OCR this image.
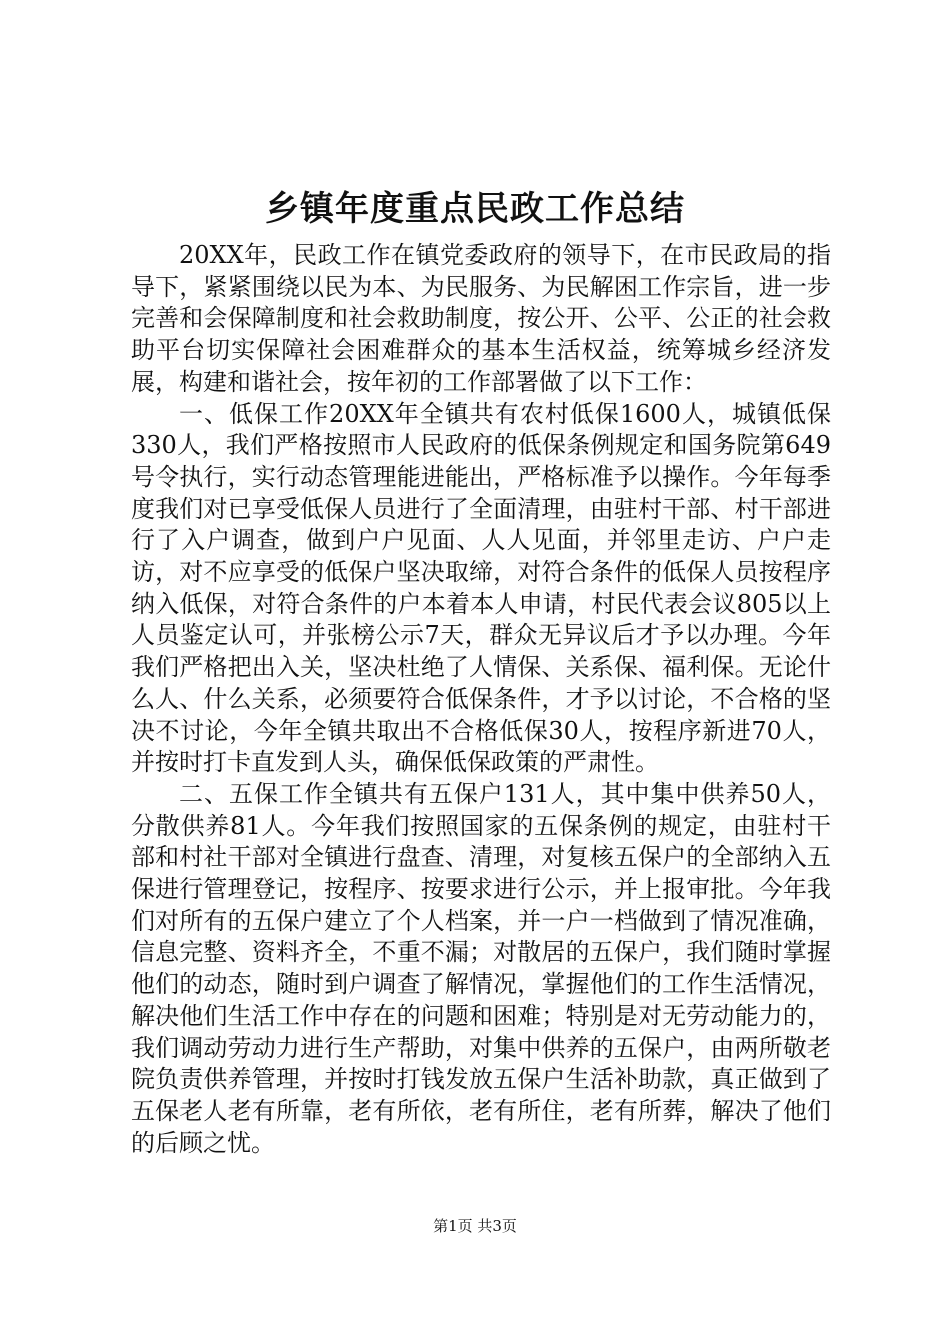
乡镇年度重点民政工作总结

20XX年，民政工作在镇党委政府的领导下，在市民政局的指导下，紧紧围绕以民为本、为民服务、为民解困工作宗旨，进一步完善和会保障制度和社会救助制度，按公开、公平、公正的社会救助平台切实保障社会困难群众的基本生活权益，统筹城乡经济发展，构建和谐社会，按年初的工作部署做了以下工作：

一、低保工作20XX年全镇共有农村低保1600人，城镇低保330人，我们严格按照市人民政府的低保条例规定和国务院第649号令执行，实行动态管理能进能出，严格标准予以操作。今年每季度我们对已享受低保人员进行了全面清理，由驻村干部、村干部进行了入户调查，做到户户见面、人人见面，并邻里走访、户户走访，对不应享受的低保户坚决取缔，对符合条件的低保人员按程序纳入低保，对符合条件的户本着本人申请，村民代表会议805以上人员鉴定认可，并张榜公示7天，群众无异议后才予以办理。今年我们严格把出入关，坚决杜绝了人情保、关系保、福利保。无论什么人、什么关系，必须要符合低保条件，才予以讨论，不合格的坚决不讨论，今年全镇共取出不合格低保30人，按程序新进70人，并按时打卡直发到人头，确保低保政策的严肃性。

二、五保工作全镇共有五保户131人，其中集中供养50人，分散供养81人。今年我们按照国家的五保条例的规定，由驻村干部和村社干部对全镇进行盘查、清理，对复核五保户的全部纳入五保进行管理登记，按程序、按要求进行公示，并上报审批。今年我们对所有的五保户建立了个人档案，并一户一档做到了情况准确，信息完整、资料齐全，不重不漏；对散居的五保户，我们随时掌握他们的动态，随时到户调查了解情况，掌握他们的工作生活情况，解决他们生活工作中存在的问题和困难；特别是对无劳动能力的，我们调动劳动力进行生产帮助，对集中供养的五保户，由两所敬老院负责供养管理，并按时打钱发放五保户生活补助款，真正做到了五保老人老有所靠，老有所依，老有所住，老有所葬，解决了他们的后顾之忧。

第1页 共3页
